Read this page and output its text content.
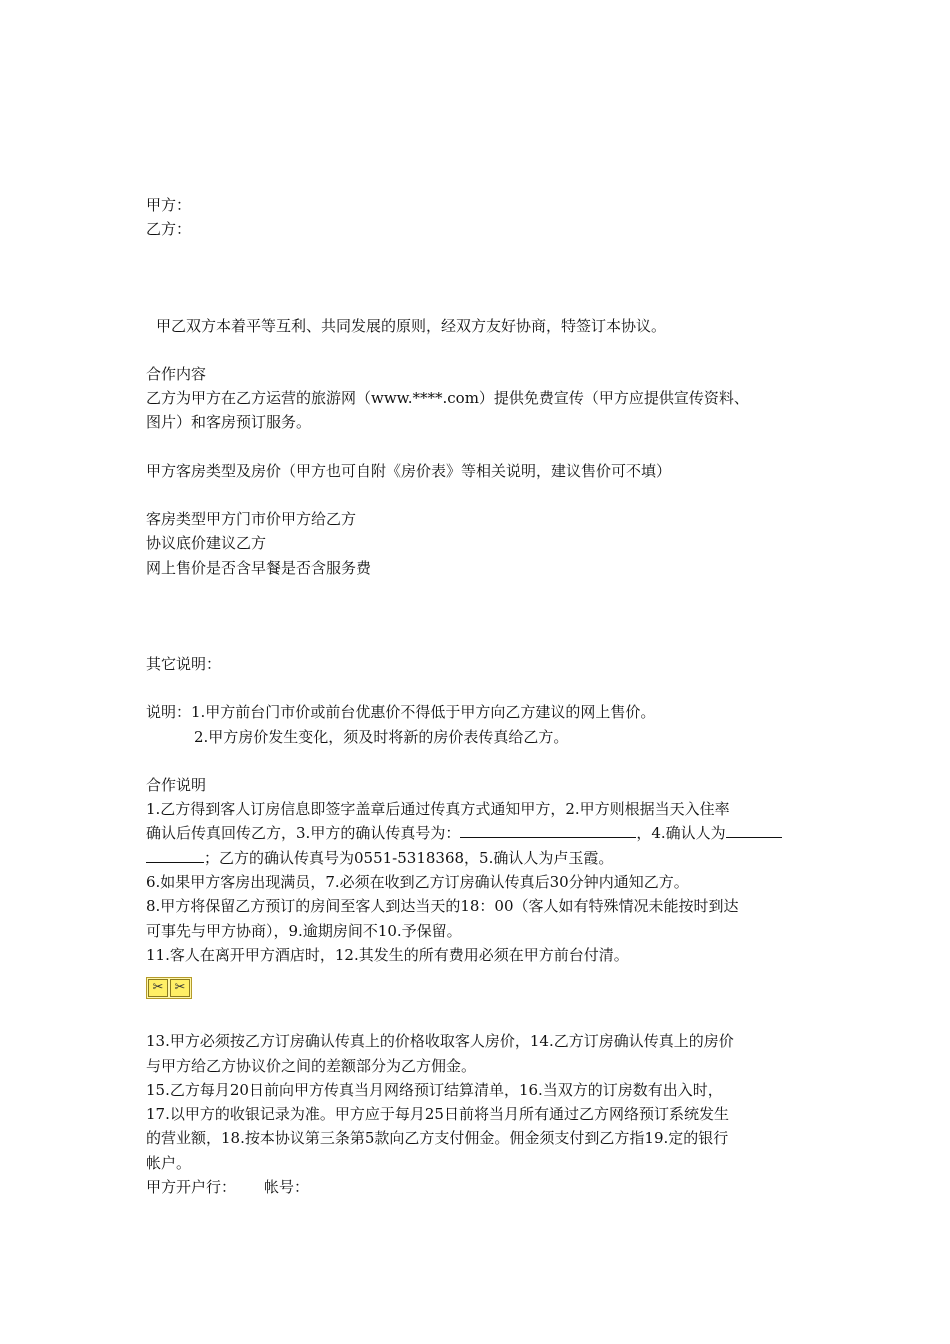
甲方：

乙方：

甲乙双方本着平等互利、共同发展的原则，经双方友好协商，特签订本协议。

合作内容

乙方为甲方在乙方运营的旅游网（www.****.com）提供免费宣传（甲方应提供宣传资料、

图片）和客房预订服务。

甲方客房类型及房价（甲方也可自附《房价表》等相关说明，建议售价可不填）

客房类型甲方门市价甲方给乙方

协议底价建议乙方

网上售价是否含早餐是否含服务费

其它说明：

说明：1.甲方前台门市价或前台优惠价不得低于甲方向乙方建议的网上售价。

2.甲方房价发生变化，须及时将新的房价表传真给乙方。

合作说明

1.乙方得到客人订房信息即签字盖章后通过传真方式通知甲方，2.甲方则根据当天入住率

确认后传真回传乙方，3.甲方的确认传真号为：	，4.确认人为

；乙方的确认传真号为0551-5318368，5.确认人为卢玉霞。

6.如果甲方客房出现满员，7.必须在收到乙方订房确认传真后30分钟内通知乙方。

8.甲方将保留乙方预订的房间至客人到达当天的18：00（客人如有特殊情况未能按时到达

可事先与甲方协商），9.逾期房间不10.予保留。

11.客人在离开甲方酒店时，12.其发生的所有费用必须在甲方前台付清。

✂ ✂

13.甲方必须按乙方订房确认传真上的价格收取客人房价，14.乙方订房确认传真上的房价

与甲方给乙方协议价之间的差额部分为乙方佣金。

15.乙方每月20日前向甲方传真当月网络预订结算清单，16.当双方的订房数有出入时，

17.以甲方的收银记录为准。甲方应于每月25日前将当月所有通过乙方网络预订系统发生

的营业额，18.按本协议第三条第5款向乙方支付佣金。佣金须支付到乙方指19.定的银行

帐户。

甲方开户行： 帐号：
